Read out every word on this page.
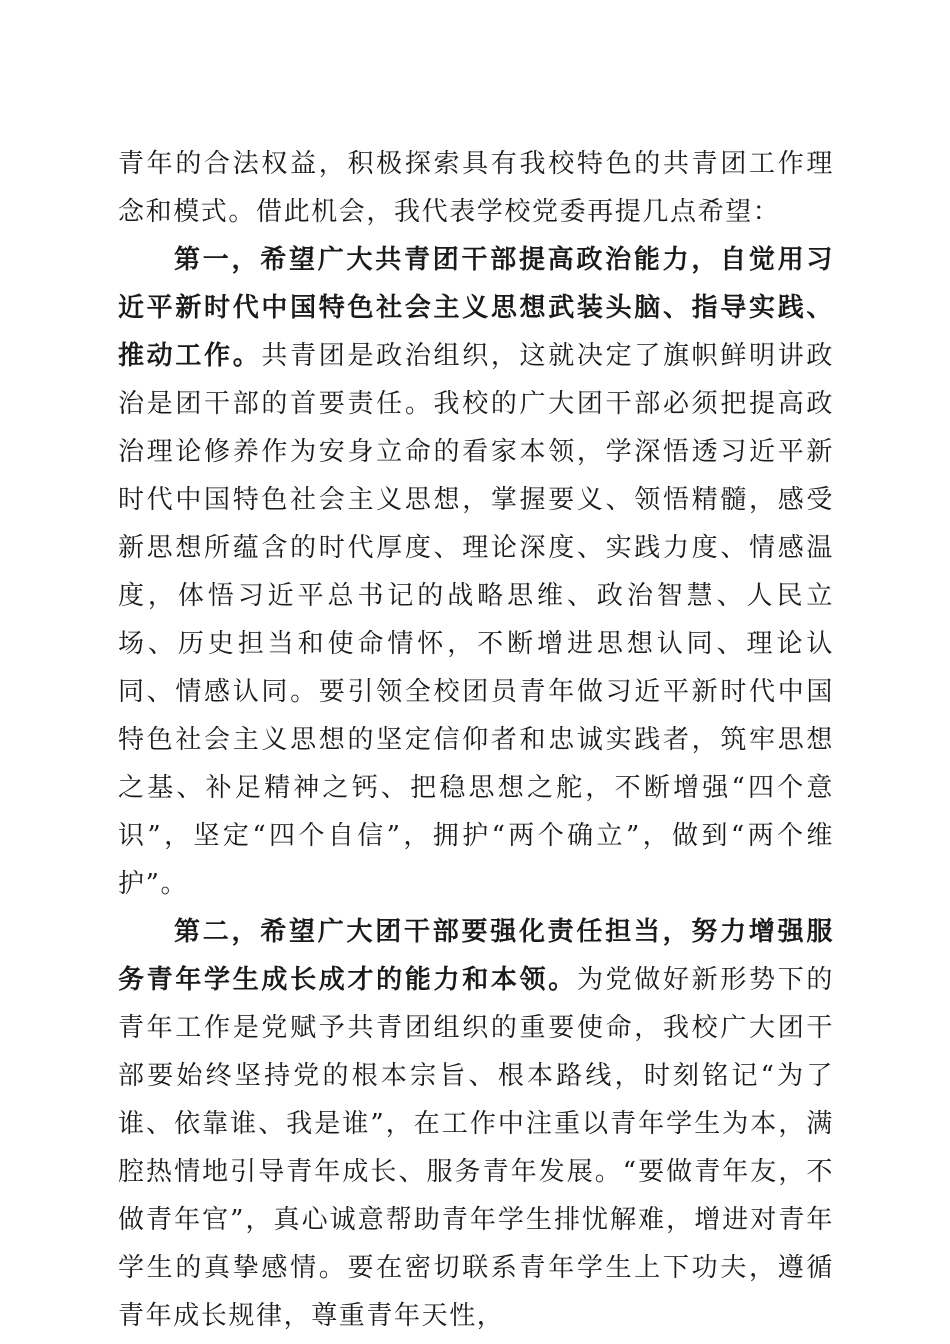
青年的合法权益，积极探索具有我校特色的共青团工作理念和模式。借此机会，我代表学校党委再提几点希望：

第一，希望广大共青团干部提高政治能力，自觉用习近平新时代中国特色社会主义思想武装头脑、指导实践、推动工作。共青团是政治组织，这就决定了旗帜鲜明讲政治是团干部的首要责任。我校的广大团干部必须把提高政治理论修养作为安身立命的看家本领，学深悟透习近平新时代中国特色社会主义思想，掌握要义、领悟精髓，感受新思想所蕴含的时代厚度、理论深度、实践力度、情感温度，体悟习近平总书记的战略思维、政治智慧、人民立场、历史担当和使命情怀，不断增进思想认同、理论认同、情感认同。要引领全校团员青年做习近平新时代中国特色社会主义思想的坚定信仰者和忠诚实践者，筑牢思想之基、补足精神之钙、把稳思想之舵，不断增强“四个意识”，坚定“四个自信”，拥护“两个确立”，做到“两个维护”。

第二，希望广大团干部要强化责任担当，努力增强服务青年学生成长成才的能力和本领。为党做好新形势下的青年工作是党赋予共青团组织的重要使命，我校广大团干部要始终坚持党的根本宗旨、根本路线，时刻铭记“为了谁、依靠谁、我是谁”，在工作中注重以青年学生为本，满腔热情地引导青年成长、服务青年发展。“要做青年友，不做青年官”，真心诚意帮助青年学生排忧解难，增进对青年学生的真挚感情。要在密切联系青年学生上下功夫，遵循青年成长规律，尊重青年天性，
